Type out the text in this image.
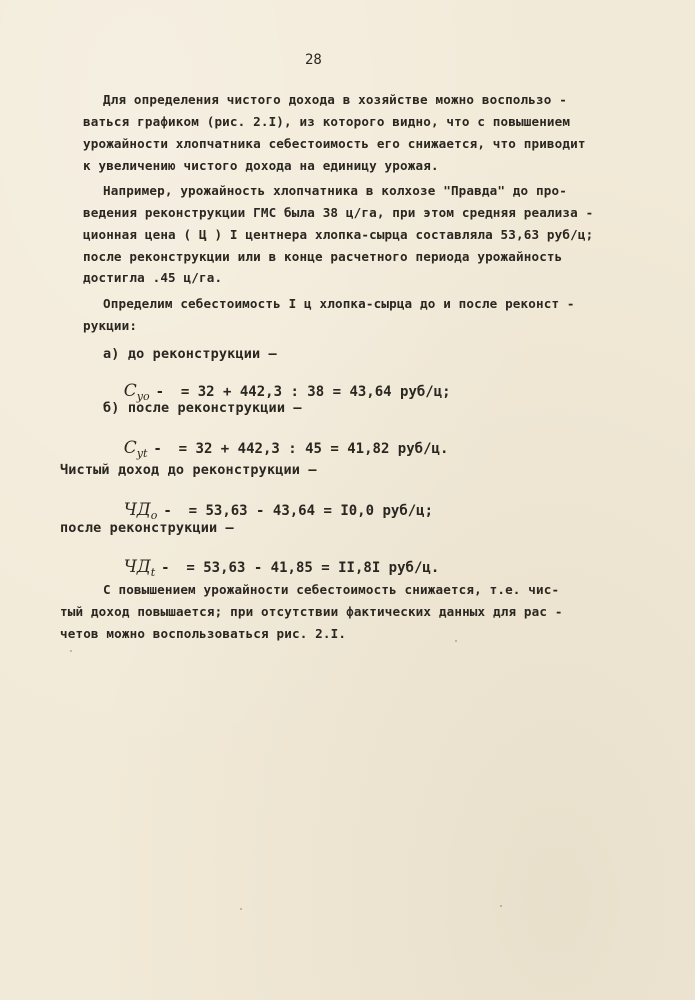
28
Для определения чистого дохода в хозяйстве можно воспользо -
ваться графиком (рис. 2.I), из которого видно, что с повышением
урожайности хлопчатника себестоимость его снижается, что приводит
к увеличению чистого дохода на единицу урожая.
Например, урожайность хлопчатника в колхозе "Правда" до про-
ведения реконструкции ГМС была 38 ц/га, при этом средняя реализа -
ционная цена ( Ц ) I центнера хлопка-сырца составляла 53,63 руб/ц;
после реконструкции или в конце расчетного периода урожайность
достигла .45 ц/га.
Определим себестоимость I ц хлопка-сырца до и после реконст -
рукции:
а) до реконструкции —

$С_{yo}$ -  = 32 + 442,3 : 38 = 43,64 руб/ц;

б) после реконструкции —

$С_{yt}$ -  = 32 + 442,3 : 45 = 41,82 руб/ц.

Чистый доход до реконструкции —

$ЧД_o$ -  = 53,63 - 43,64 = I0,0 руб/ц;

после реконструкции —

$ЧД_t$ -  = 53,63 - 41,85 = II,8I руб/ц.

С повышением урожайности себестоимость снижается, т.е. чис-
тый доход повышается; при отсутствии фактических данных для рас -
четов можно воспользоваться рис. 2.I.
